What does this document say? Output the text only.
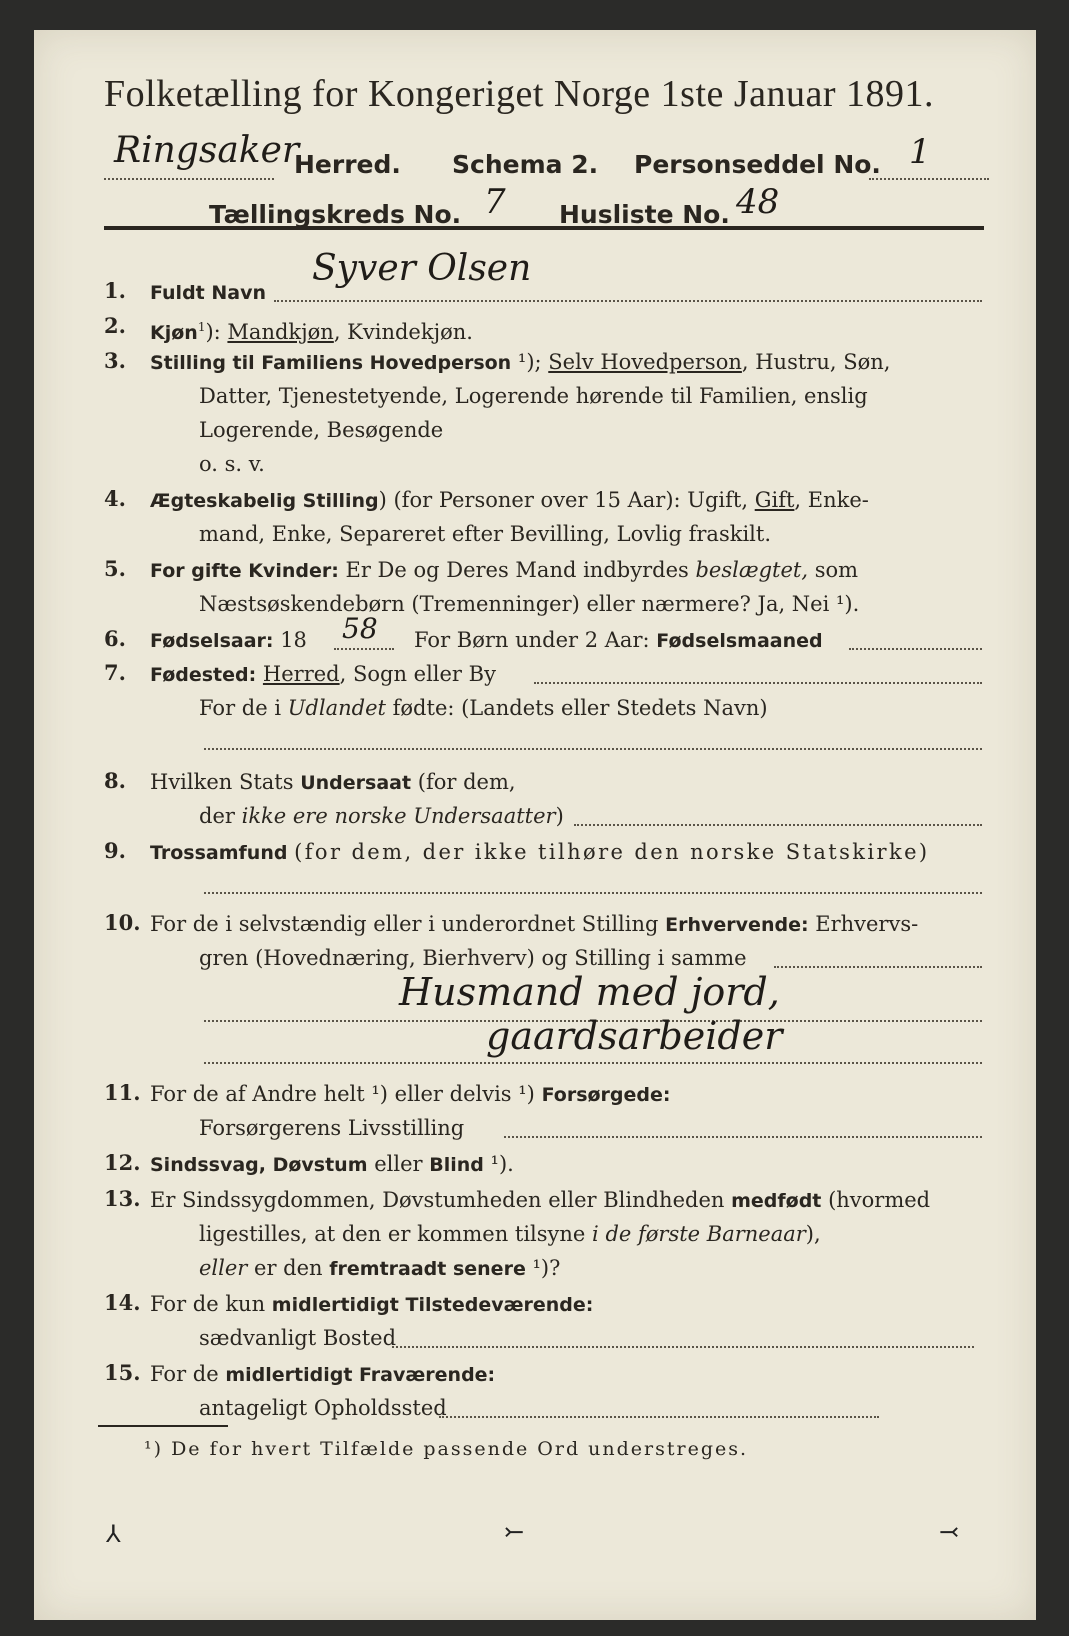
Folketælling for Kongeriget Norge 1ste Januar 1891.
Ringsaker
Herred. Schema 2. Personseddel No. 1
Tællingskreds No. 7 Husliste No. 48
1.	Fuldt Navn
Syver Olsen
2.	Kjøn$^1$): Mandkjøn, Kvindekjøn.
3.	Stilling til Familiens Hovedperson ¹); Selv Hovedperson, Hustru, Søn,
Datter, Tjenestetyende, Logerende hørende til Familien, enslig
Logerende, Besøgende
o. s. v.
4.	Ægteskabelig Stilling) (for Personer over 15 Aar): Ugift, Gift, Enke-
mand, Enke, Separeret efter Bevilling, Lovlig fraskilt.
5.	For gifte Kvinder: Er De og Deres Mand indbyrdes beslægtet, som
Næstsøskendebørn (Tremenninger) eller nærmere? Ja, Nei ¹).
6.	Fødselsaar: 18	58 For Børn under 2 Aar: Fødselsmaaned
7.	Fødested: Herred, Sogn eller By
For de i Udlandet fødte: (Landets eller Stedets Navn)
8.	Hvilken Stats Undersaat (for dem,
der ikke ere norske Undersaatter)
9.	Trossamfund (for dem, der ikke tilhøre den norske Statskirke)
10. For de i selvstændig eller i underordnet Stilling Erhvervende: Erhvervs-
gren (Hovednæring, Bierhverv) og Stilling i samme
Husmand med jord,
gaardsarbeider
11. For de af Andre helt ¹) eller delvis ¹) Forsørgede:
Forsørgerens Livsstilling
12. Sindssvag, Døvstum eller Blind ¹).
13. Er Sindssygdommen, Døvstumheden eller Blindheden medfødt (hvormed
ligestilles, at den er kommen tilsyne i de første Barneaar),
eller er den fremtraadt senere ¹)?
14. For de kun midlertidigt Tilstedeværende:
sædvanligt Bosted
15. For de midlertidigt Fraværende:
antageligt Opholdssted
¹) De for hvert Tilfælde passende Ord understreges.
⅄	⤚	⤙
